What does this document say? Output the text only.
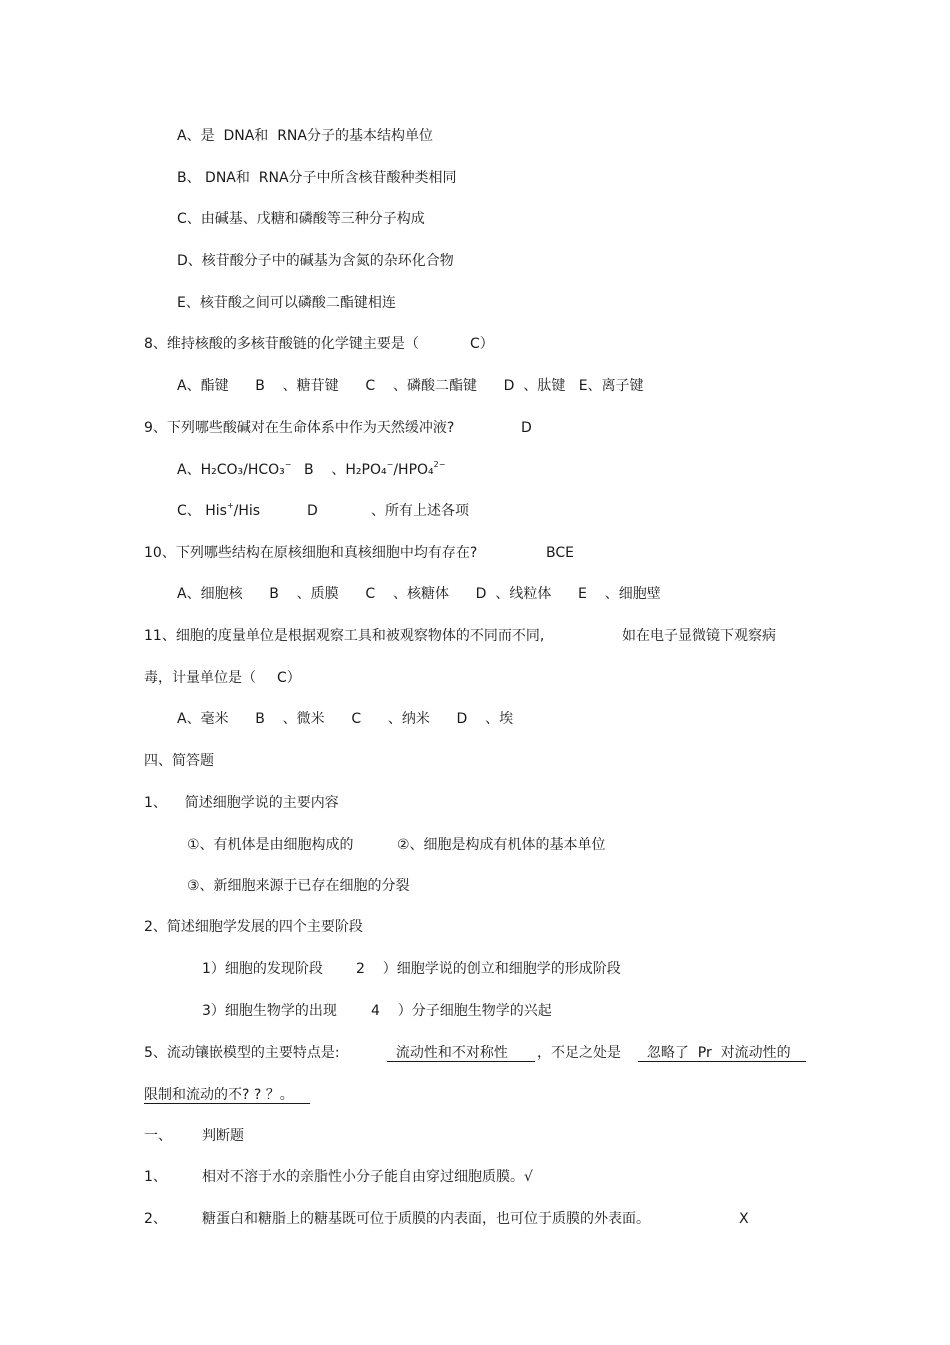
A、是  DNA和  RNA分子的基本结构单位
B、 DNA和  RNA分子中所含核苷酸种类相同
C、由碱基、戊糖和磷酸等三种分子构成
D、核苷酸分子中的碱基为含氮的杂环化合物
E、核苷酸之间可以磷酸二酯键相连
8、维持核酸的多核苷酸链的化学键主要是（	C）
A、酯键      B    、糖苷键      C    、磷酸二酯键      D  、肽键   E、离子键
9、下列哪些酸碱对在生命体系中作为天然缓冲液?	D
A、H₂CO₃/HCO₃− B    、H₂PO₄−/HPO₄$^{2-}$
C、 His+/His	D	、所有上述各项
10、下列哪些结构在原核细胞和真核细胞中均有存在?	BCE
A、细胞核      B    、质膜      C    、核糖体      D  、线粒体      E    、细胞壁
11、细胞的度量单位是根据观察工具和被观察物体的不同而不同,	如在电子显微镜下观察病
毒，计量单位是（ C）
A、毫米      B    、微米      C      、纳米      D    、埃
四、简答题
1、    简述细胞学说的主要内容
①、有机体是由细胞构成的	②、细胞是构成有机体的基本单位
③、新细胞来源于已存在细胞的分裂
2、简述细胞学发展的四个主要阶段
1）细胞的发现阶段 2    ）细胞学说的创立和细胞学的形成阶段
3）细胞生物学的出现 4    ）分子细胞生物学的兴起
5、流动镶嵌模型的主要特点是:	流动性和不对称性	，不足之处是 忽略了  Pr  对流动性的
限制和流动的不? ? ？。
一、 判断题
1、	相对不溶于水的亲脂性小分子能自由穿过细胞质膜。√
2、	糖蛋白和糖脂上的糖基既可位于质膜的内表面，也可位于质膜的外表面。	X
